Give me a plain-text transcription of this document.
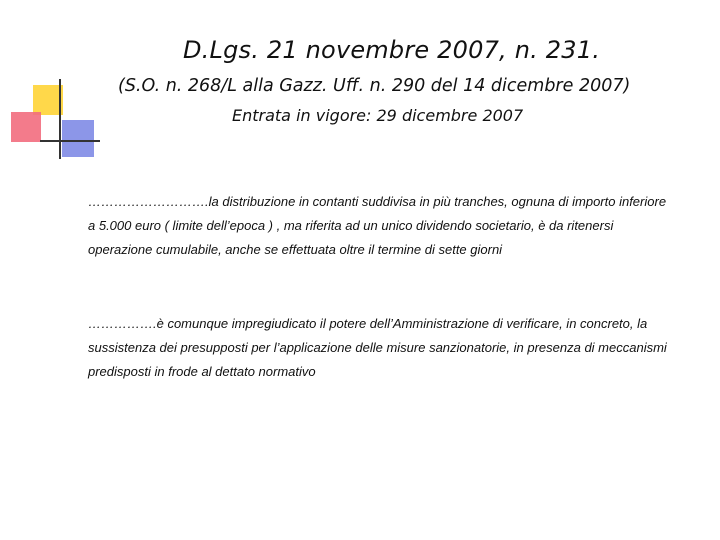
D.Lgs. 21 novembre 2007, n. 231.

(S.O. n. 268/L alla Gazz. Uff. n. 290 del 14 dicembre 2007)

Entrata in vigore: 29 dicembre 2007

……………………….la distribuzione in contanti suddivisa in più tranches, ognuna di importo inferiore a 5.000 euro ( limite dell’epoca ) , ma riferita ad un unico dividendo societario, è da ritenersi operazione cumulabile, anche se effettuata oltre il termine di sette giorni

…………….è comunque impregiudicato il potere dell’Amministrazione di verificare, in concreto, la sussistenza dei presupposti per l’applicazione delle misure sanzionatorie, in presenza di meccanismi predisposti in frode al dettato normativo
